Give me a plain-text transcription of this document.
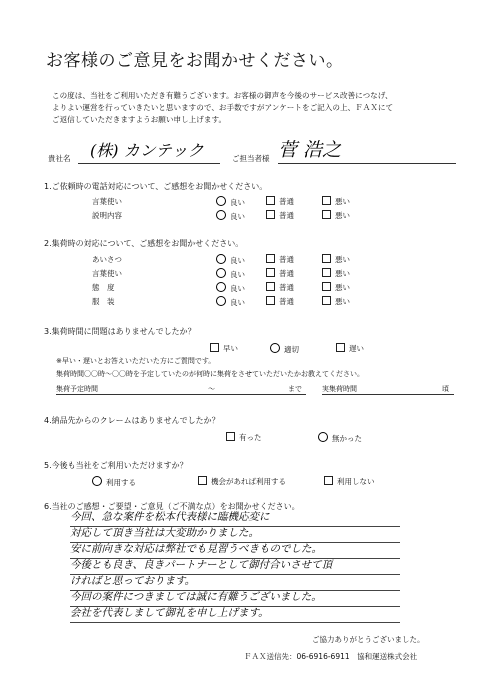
お客様のご意見をお聞かせください。

この度は、当社をご利用いただき有難うございます。お客様の御声を今後のサービス改善につなげ、

よりよい運営を行っていきたいと思いますので、お手数ですがアンケートをご記入の上、ＦＡＸにて

ご返信していただきますようお願い申し上げます。

貴社名 (株) カンテック	ご担当者様 菅 浩之
1.ご依頼時の電話対応について、ご感想をお聞かせください。
言葉使い	良い	普通	悪い
説明内容	良い	普通	悪い
2.集荷時の対応について、ご感想をお聞かせください。
あいさつ	良い	普通	悪い
言葉使い	良い	普通	悪い
態　度	良い	普通	悪い
服　装	良い	普通	悪い
3.集荷時間に問題はありませんでしたか？
早い	適切	遅い
※早い・遅いとお答えいただいた方にご質問です。
集荷時間〇〇時～〇〇時を予定していたのが何時に集荷をさせていただいたかお教えてください。
集荷予定時間	～	まで	実集荷時間	頃
4.納品先からのクレームはありませんでしたか？
有った	無かった
5.今後も当社をご利用いただけますか？
利用する	機会があれば利用する	利用しない
6.当社のご感想・ご要望・ご意見（ご不満な点）をお聞かせください。
今回、急な案件を松本代表様に臨機応変に
対応して頂き当社は大変助かりました。
安に前向きな対応は弊社でも見習うべきものでした。
今後とも良き、良きパートナーとして御付合いさせて頂
ければと思っております。
今回の案件につきましては誠に有難うございました。
会社を代表しまして御礼を申し上げます。
ご協力ありがとうございました。
ＦＡＸ送信先：06-6916-6911　協和運送株式会社
